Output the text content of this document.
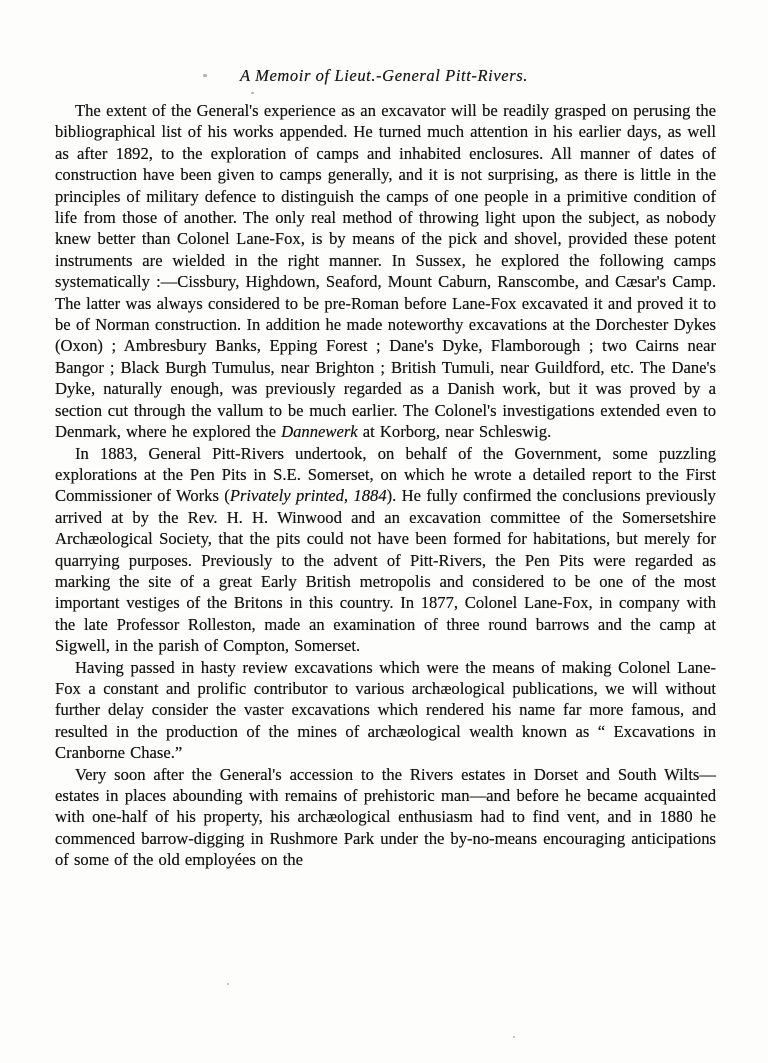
A Memoir of Lieut.-General Pitt-Rivers.

The extent of the General's experience as an excavator will be readily grasped on perusing the bibliographical list of his works appended. He turned much attention in his earlier days, as well as after 1892, to the exploration of camps and inhabited enclosures. All manner of dates of construction have been given to camps generally, and it is not surprising, as there is little in the principles of military defence to distinguish the camps of one people in a primitive condition of life from those of another. The only real method of throwing light upon the subject, as nobody knew better than Colonel Lane-Fox, is by means of the pick and shovel, provided these potent instruments are wielded in the right manner. In Sussex, he explored the following camps systematically :—Cissbury, Highdown, Seaford, Mount Caburn, Ranscombe, and Cæsar's Camp. The latter was always considered to be pre-Roman before Lane-Fox excavated it and proved it to be of Norman construction. In addition he made noteworthy excavations at the Dorchester Dykes (Oxon) ; Ambresbury Banks, Epping Forest ; Dane's Dyke, Flamborough ; two Cairns near Bangor ; Black Burgh Tumulus, near Brighton ; British Tumuli, near Guildford, etc. The Dane's Dyke, naturally enough, was previously regarded as a Danish work, but it was proved by a section cut through the vallum to be much earlier. The Colonel's investigations extended even to Denmark, where he explored the Dannewerk at Korborg, near Schleswig.

In 1883, General Pitt-Rivers undertook, on behalf of the Government, some puzzling explorations at the Pen Pits in S.E. Somerset, on which he wrote a detailed report to the First Commissioner of Works (Privately printed, 1884). He fully confirmed the conclusions previously arrived at by the Rev. H. H. Winwood and an excavation committee of the Somersetshire Archæological Society, that the pits could not have been formed for habitations, but merely for quarrying purposes. Previously to the advent of Pitt-Rivers, the Pen Pits were regarded as marking the site of a great Early British metropolis and considered to be one of the most important vestiges of the Britons in this country. In 1877, Colonel Lane-Fox, in company with the late Professor Rolleston, made an examination of three round barrows and the camp at Sigwell, in the parish of Compton, Somerset.

Having passed in hasty review excavations which were the means of making Colonel Lane-Fox a constant and prolific contributor to various archæological publications, we will without further delay consider the vaster excavations which rendered his name far more famous, and resulted in the production of the mines of archæological wealth known as “ Excavations in Cranborne Chase.”

Very soon after the General's accession to the Rivers estates in Dorset and South Wilts—estates in places abounding with remains of prehistoric man—and before he became acquainted with one-half of his property, his archæological enthusiasm had to find vent, and in 1880 he commenced barrow-digging in Rushmore Park under the by-no-means encouraging anticipations of some of the old employées on the
